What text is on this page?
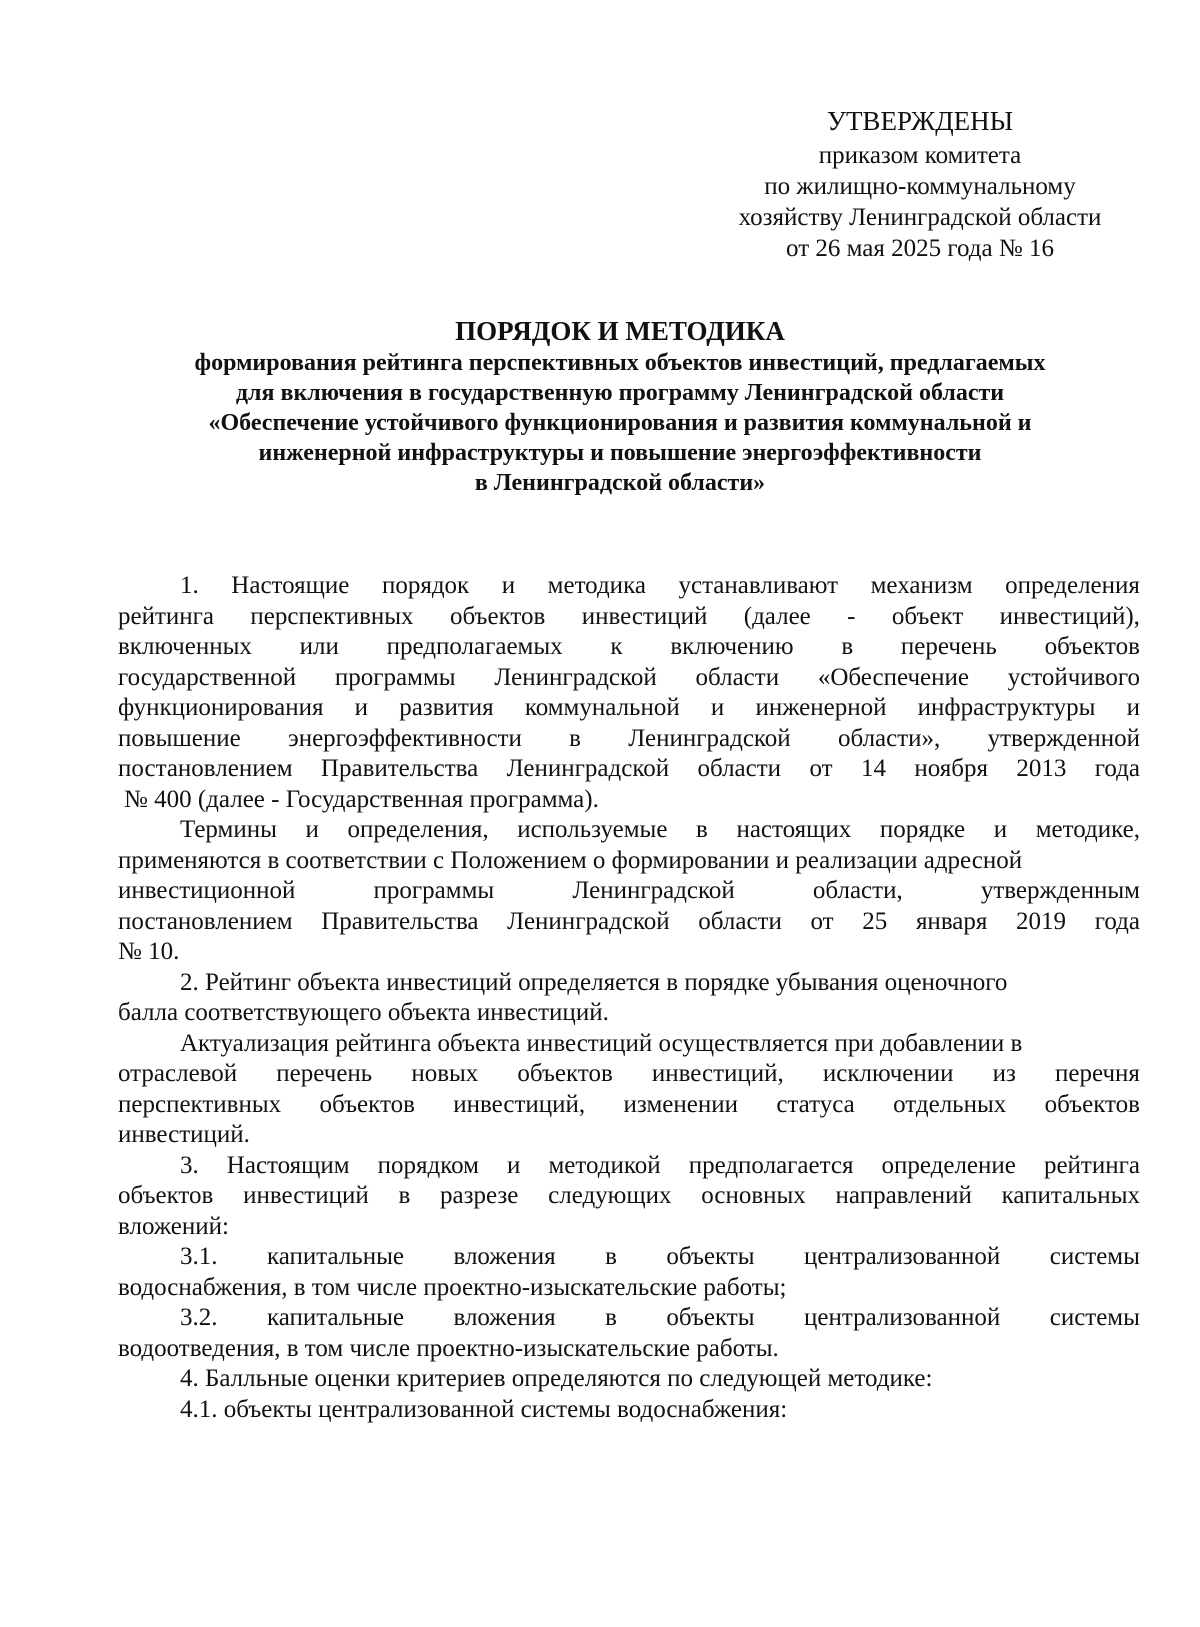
УТВЕРЖДЕНЫ
приказом комитета
по жилищно-коммунальному
хозяйству Ленинградской области
от 26 мая 2025 года № 16
ПОРЯДОК И МЕТОДИКА
формирования рейтинга перспективных объектов инвестиций, предлагаемых
для включения в государственную программу Ленинградской области
«Обеспечение устойчивого функционирования и развития коммунальной и
инженерной инфраструктуры и повышение энергоэффективности
в Ленинградской области»
1. Настоящие порядок и методика устанавливают механизм определения
рейтинга перспективных объектов инвестиций (далее - объект инвестиций),
включенных или предполагаемых к включению в перечень объектов
государственной программы Ленинградской области «Обеспечение устойчивого
функционирования и развития коммунальной и инженерной инфраструктуры и
повышение энергоэффективности в Ленинградской области», утвержденной
постановлением Правительства Ленинградской области от 14 ноября 2013 года
№ 400 (далее - Государственная программа).
Термины и определения, используемые в настоящих порядке и методике,
применяются в соответствии с Положением о формировании и реализации адресной
инвестиционной	программы	Ленинградской	области,	утвержденным
постановлением Правительства Ленинградской области от 25 января 2019 года
№ 10.
2. Рейтинг объекта инвестиций определяется в порядке убывания оценочного
балла соответствующего объекта инвестиций.
Актуализация рейтинга объекта инвестиций осуществляется при добавлении в
отраслевой перечень новых объектов инвестиций, исключении из перечня
перспективных объектов инвестиций, изменении статуса отдельных объектов
инвестиций.
3. Настоящим порядком и методикой предполагается определение рейтинга
объектов инвестиций в разрезе следующих основных направлений капитальных
вложений:
3.1. капитальные вложения в объекты централизованной системы
водоснабжения, в том числе проектно-изыскательские работы;
3.2. капитальные вложения в объекты централизованной системы
водоотведения, в том числе проектно-изыскательские работы.
4. Балльные оценки критериев определяются по следующей методике:
4.1. объекты централизованной системы водоснабжения:
